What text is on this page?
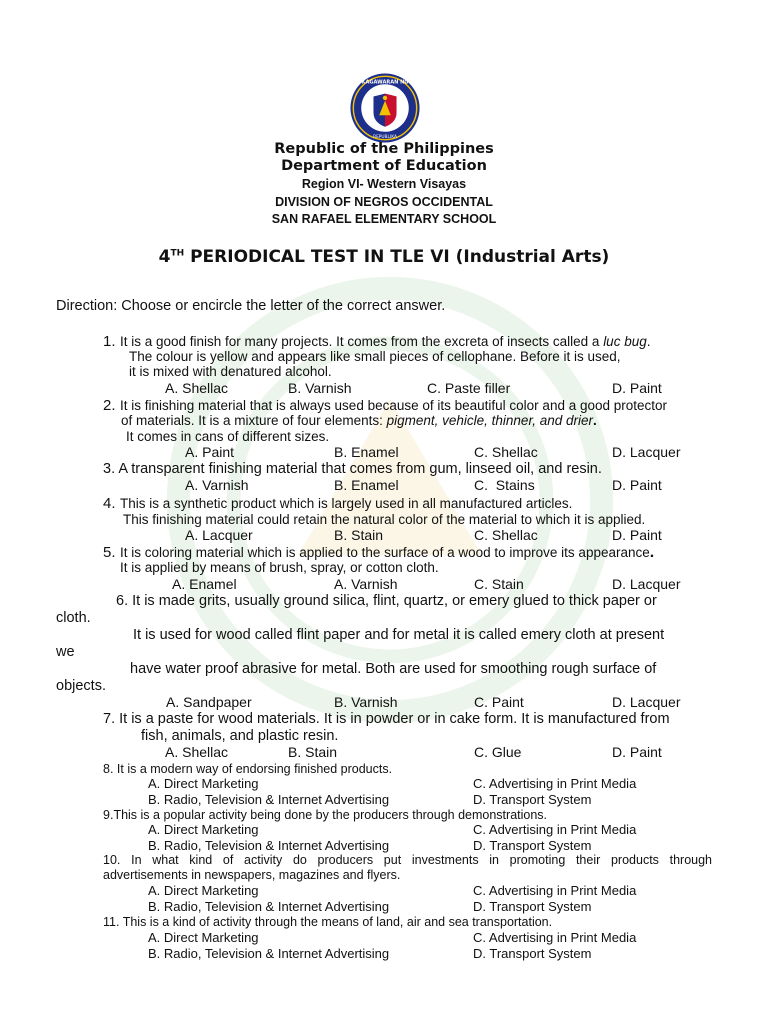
KAGAWARAN NG
REPUBLIKA
Republic of the Philippines
Department of Education
Region VI- Western Visayas
DIVISION OF NEGROS OCCIDENTAL
SAN RAFAEL ELEMENTARY SCHOOL
4TH PERIODICAL TEST IN TLE VI (Industrial Arts)
Direction: Choose or encircle the letter of the correct answer.
1. It is a good finish for many projects. It comes from the excreta of insects called a luc bug.
The colour is yellow and appears like small pieces of cellophane. Before it is used,
it is mixed with denatured alcohol.
A. Shellac	B. Varnish	C. Paste filler	D. Paint
2. It is finishing material that is always used because of its beautiful color and a good protector
of materials. It is a mixture of four elements: pigment, vehicle, thinner, and drier.
It comes in cans of different sizes.
A. Paint	B. Enamel	C. Shellac	D. Lacquer
3. A transparent finishing material that comes from gum, linseed oil, and resin.
A. Varnish	B. Enamel	C.  Stains	D. Paint
4. This is a synthetic product which is largely used in all manufactured articles.
This finishing material could retain the natural color of the material to which it is applied.
A. Lacquer	B. Stain	C. Shellac	D. Paint
5. It is coloring material which is applied to the surface of a wood to improve its appearance.
It is applied by means of brush, spray, or cotton cloth.
A. Enamel	A. Varnish	C. Stain	D. Lacquer
6. It is made grits, usually ground silica, flint, quartz, or emery glued to thick paper or
cloth.
It is used for wood called flint paper and for metal it is called emery cloth at present
we
have water proof abrasive for metal. Both are used for smoothing rough surface of
objects.
A. Sandpaper	B. Varnish	C. Paint	D. Lacquer
7. It is a paste for wood materials. It is in powder or in cake form. It is manufactured from
fish, animals, and plastic resin.
A. Shellac	B. Stain	C. Glue	D. Paint
8. It is a modern way of endorsing finished products.
A. Direct Marketing	C. Advertising in Print Media
B. Radio, Television & Internet Advertising	D. Transport System
9.This is a popular activity being done by the producers through demonstrations.
A. Direct Marketing	C. Advertising in Print Media
B. Radio, Television & Internet Advertising	D. Transport System
10. In what kind of activity do producers put investments in promoting their products through
advertisements in newspapers, magazines and flyers.
A. Direct Marketing	C. Advertising in Print Media
B. Radio, Television & Internet Advertising	D. Transport System
11. This is a kind of activity through the means of land, air and sea transportation.
A. Direct Marketing	C. Advertising in Print Media
B. Radio, Television & Internet Advertising	D. Transport System
